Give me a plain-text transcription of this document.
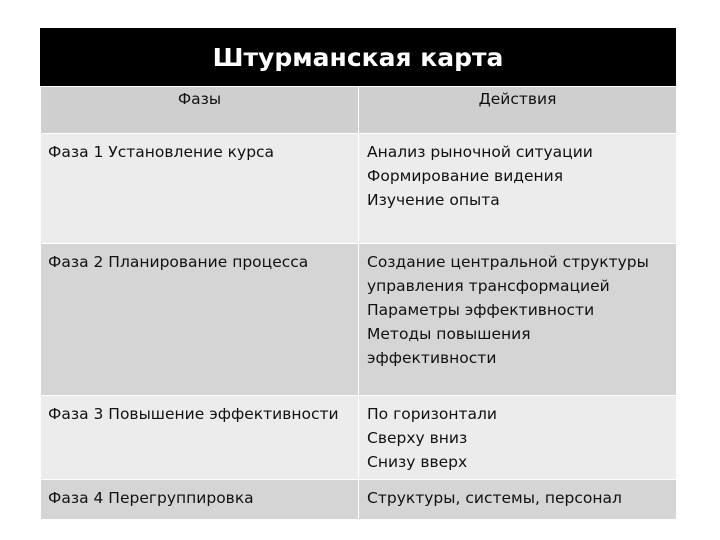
Штурманская карта
Фазы	Действия
Фаза 1 Установление курса	Анализ рыночной ситуации
Формирование видения
Изучение опыта

Фаза 2 Планирование процесса	Создание центральной структуры
управления трансформацией
Параметры эффективности
Методы повышения
эффективности

Фаза 3 Повышение эффективности	По горизонтали
Сверху вниз
Снизу вверх

Фаза 4 Перегруппировка	Структуры, системы, персонал
